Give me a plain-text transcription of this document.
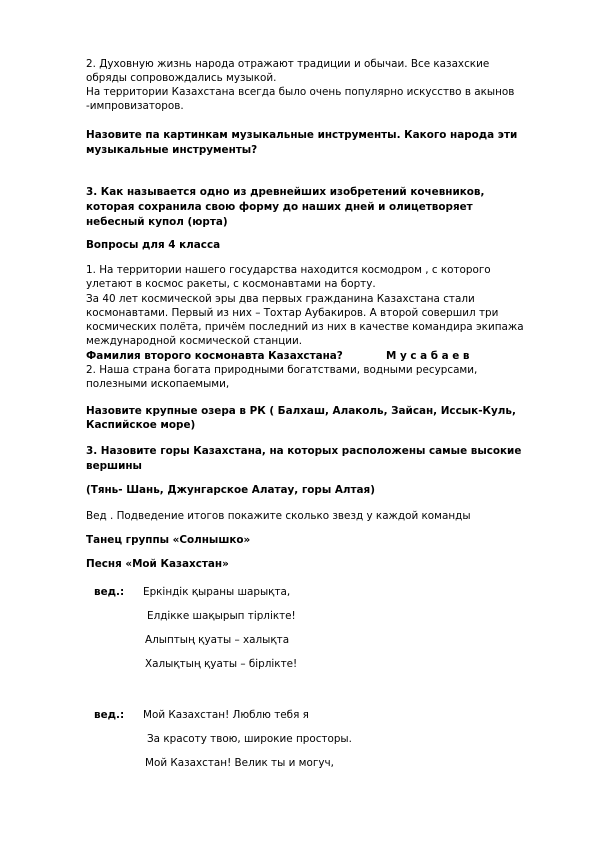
2. Духовную жизнь народа отражают традиции и обычаи. Все казахские
обряды сопровождались музыкой.
На территории Казахстана всегда было очень популярно искусство в акынов
-импровизаторов.
Назовите па картинкам музыкальные инструменты. Какого народа эти
музыкальные инструменты?
3. Как называется одно из древнейших изобретений кочевников,
которая сохранила свою форму до наших дней и олицетворяет
небесный купол (юрта)
Вопросы для 4 класса
1. На территории нашего государства находится космодром , с которого
улетают в космос ракеты, с космонавтами на борту.
За 40 лет космической эры два первых гражданина Казахстана стали
космонавтами. Первый из них – Тохтар Аубакиров. А второй совершил три
космических полёта, причём последний из них в качестве командира экипажа
международной космической станции.
Фамилия второго космонавта Казахстана?	М у с а б а е в
2. Наша страна богата природными богатствами, водными ресурсами,
полезными ископаемыми,
Назовите крупные озера в РК ( Балхаш, Алаколь, Зайсан, Иссык-Куль,
Каспийское море)
3. Назовите горы Казахстана, на которых расположены самые высокие
вершины
(Тянь- Шань, Джунгарское Алатау, горы Алтая)
Вед . Подведение итогов покажите сколько звезд у каждой команды
Танец группы «Солнышко»
Песня «Мой Казахстан»
вед.: Еркіндік қыраны шарықта,
Елдікке шақырып тірлікте!
Алыптың қуаты – халықта
Халықтың қуаты – бірлікте!
вед.: Мой Казахстан! Люблю тебя я
За красоту твою, широкие просторы.
Мой Казахстан! Велик ты и могуч,
